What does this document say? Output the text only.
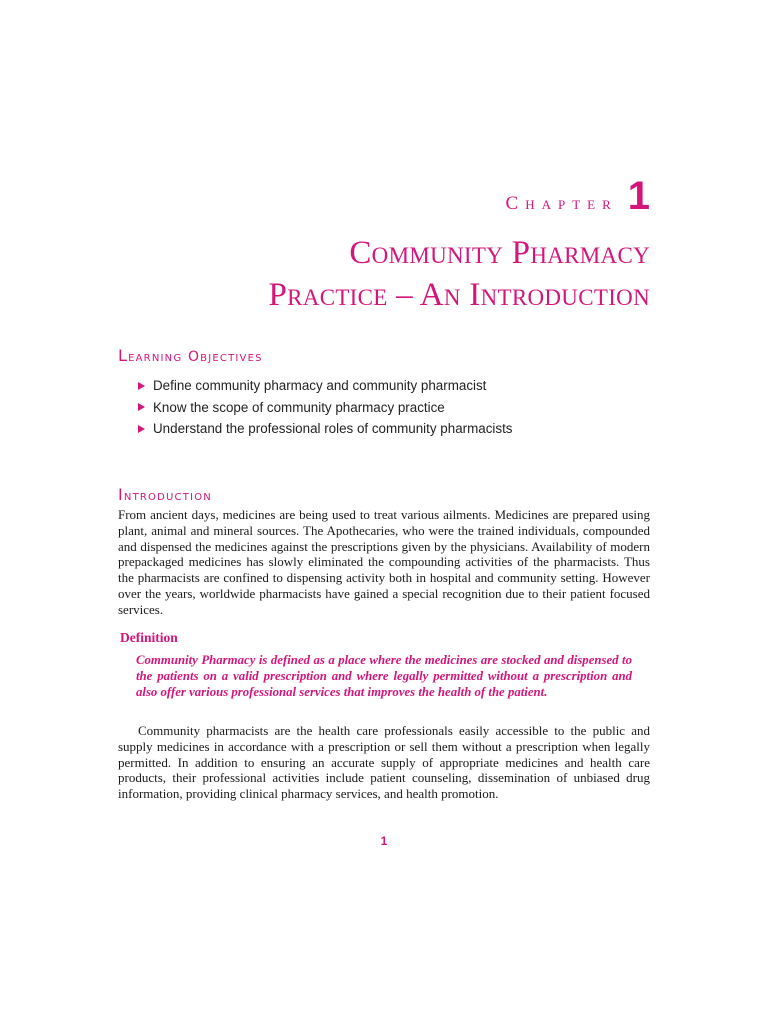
Chapter 1
Community Pharmacy
Practice – An Introduction
Learning Objectives
Define community pharmacy and community pharmacist
Know the scope of community pharmacy practice
Understand the professional roles of community pharmacists
Introduction

From ancient days, medicines are being used to treat various ailments. Medicines are prepared using plant, animal and mineral sources. The Apothecaries, who were the trained individuals, compounded and dispensed the medicines against the prescriptions given by the physicians. Availability of modern prepackaged medicines has slowly eliminated the compounding activities of the pharmacists. Thus the pharmacists are confined to dispensing activity both in hospital and community setting. However over the years, worldwide pharmacists have gained a special recognition due to their patient focused services.

Definition

Community Pharmacy is defined as a place where the medicines are stocked and dispensed to the patients on a valid prescription and where legally permitted without a prescription and also offer various professional services that improves the health of the patient.

Community pharmacists are the health care professionals easily accessible to the public and supply medicines in accordance with a prescription or sell them without a prescription when legally permitted. In addition to ensuring an accurate supply of appropriate medicines and health care products, their professional activities include patient counseling, dissemination of unbiased drug information, providing clinical pharmacy services, and health promotion.

1
